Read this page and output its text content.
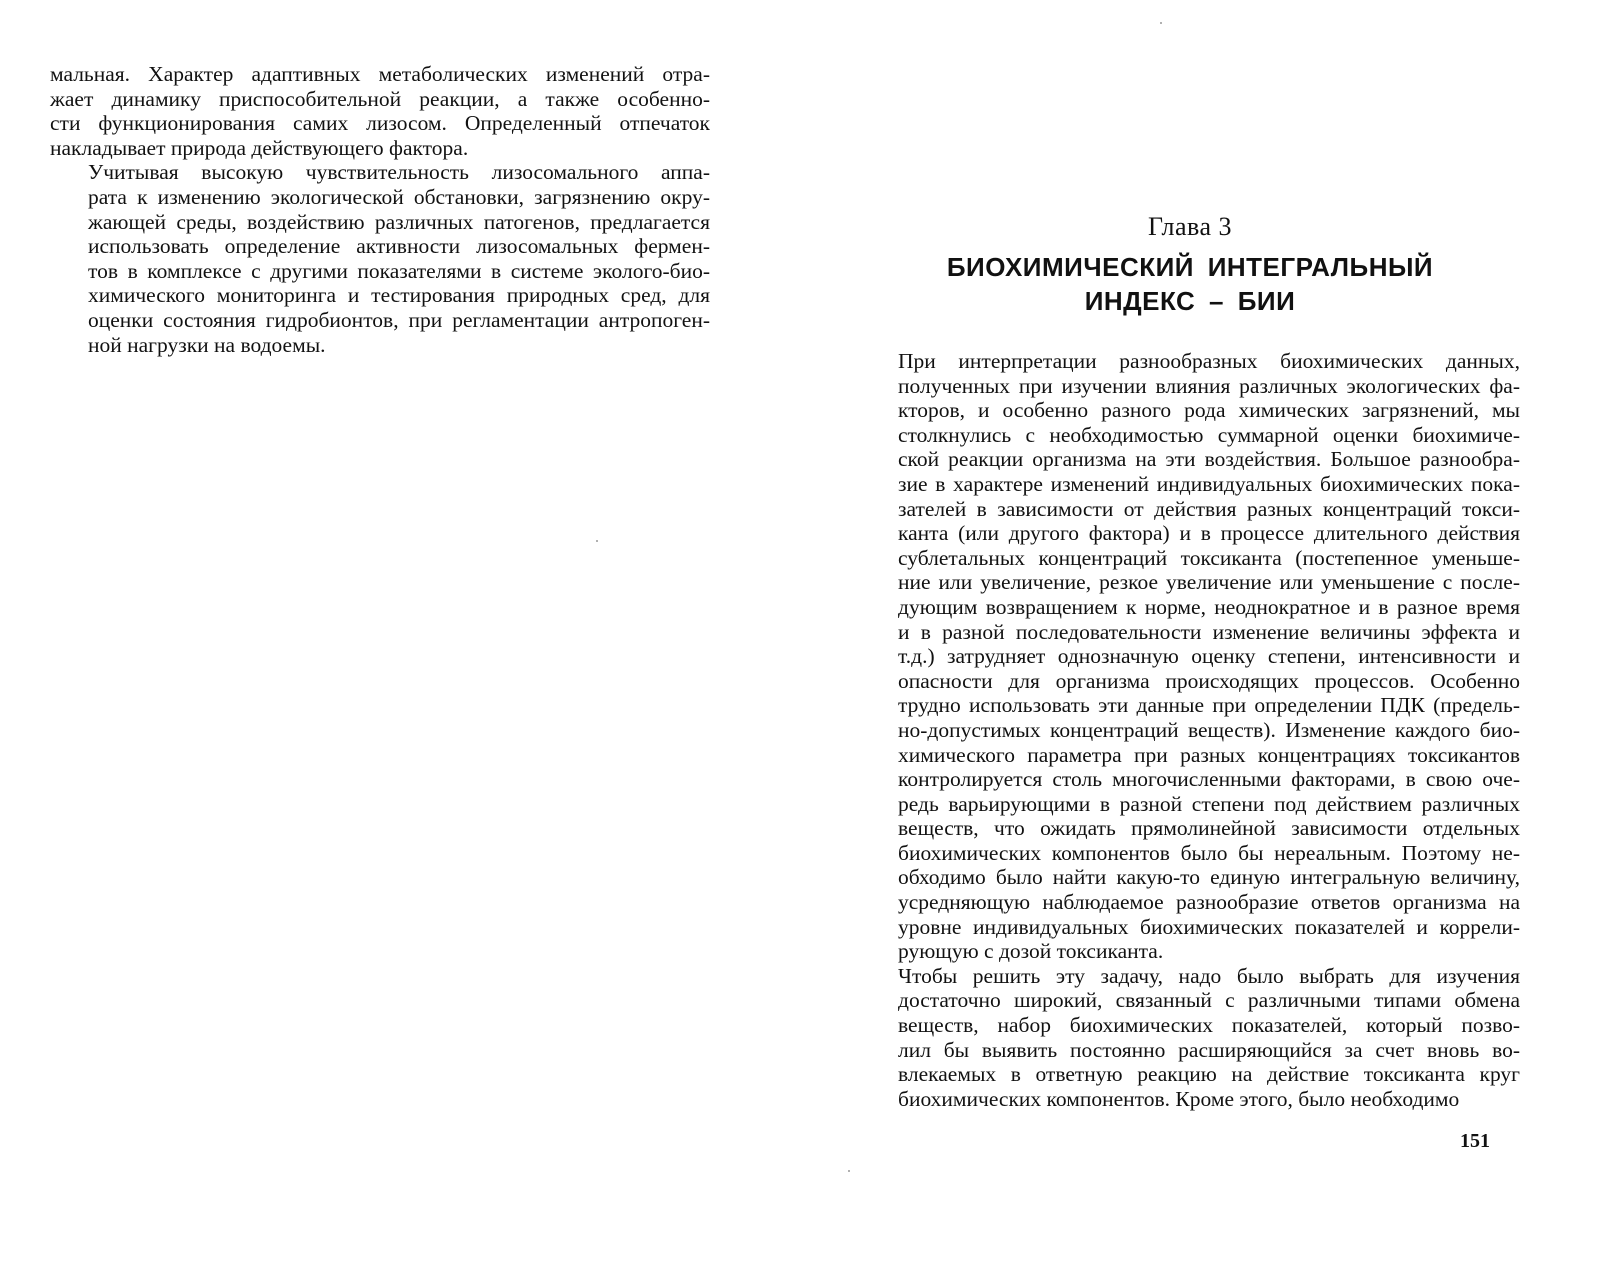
мальная. Характер адаптивных метаболических изменений отра-
жает динамику приспособительной реакции, а также особенно-
сти функционирования самих лизосом. Определенный отпечаток
накладывает природа действующего фактора.

Учитывая высокую чувствительность лизосомального аппа-
рата к изменению экологической обстановки, загрязнению окру-
жающей среды, воздействию различных патогенов, предлагается
использовать определение активности лизосомальных фермен-
тов в комплексе с другими показателями в системе эколого-био-
химического мониторинга и тестирования природных сред, для
оценки состояния гидробионтов, при регламентации антропоген-
ной нагрузки на водоемы.

Глава 3
БИОХИМИЧЕСКИЙ ИНТЕГРАЛЬНЫЙ
ИНДЕКС – БИИ

При интерпретации разнообразных биохимических данных,
полученных при изучении влияния различных экологических фа-
кторов, и особенно разного рода химических загрязнений, мы
столкнулись с необходимостью суммарной оценки биохимиче-
ской реакции организма на эти воздействия. Большое разнообра-
зие в характере изменений индивидуальных биохимических пока-
зателей в зависимости от действия разных концентраций токси-
канта (или другого фактора) и в процессе длительного действия
сублетальных концентраций токсиканта (постепенное уменьше-
ние или увеличение, резкое увеличение или уменьшение с после-
дующим возвращением к норме, неоднократное и в разное время
и в разной последовательности изменение величины эффекта и
т.д.) затрудняет однозначную оценку степени, интенсивности и
опасности для организма происходящих процессов. Особенно
трудно использовать эти данные при определении ПДК (предель-
но-допустимых концентраций веществ). Изменение каждого био-
химического параметра при разных концентрациях токсикантов
контролируется столь многочисленными факторами, в свою оче-
редь варьирующими в разной степени под действием различных
веществ, что ожидать прямолинейной зависимости отдельных
биохимических компонентов было бы нереальным. Поэтому не-
обходимо было найти какую-то единую интегральную величину,
усредняющую наблюдаемое разнообразие ответов организма на
уровне индивидуальных биохимических показателей и коррели-
рующую с дозой токсиканта.

Чтобы решить эту задачу, надо было выбрать для изучения
достаточно широкий, связанный с различными типами обмена
веществ, набор биохимических показателей, который позво-
лил бы выявить постоянно расширяющийся за счет вновь во-
влекаемых в ответную реакцию на действие токсиканта круг
биохимических компонентов. Кроме этого, было необходимо

151
